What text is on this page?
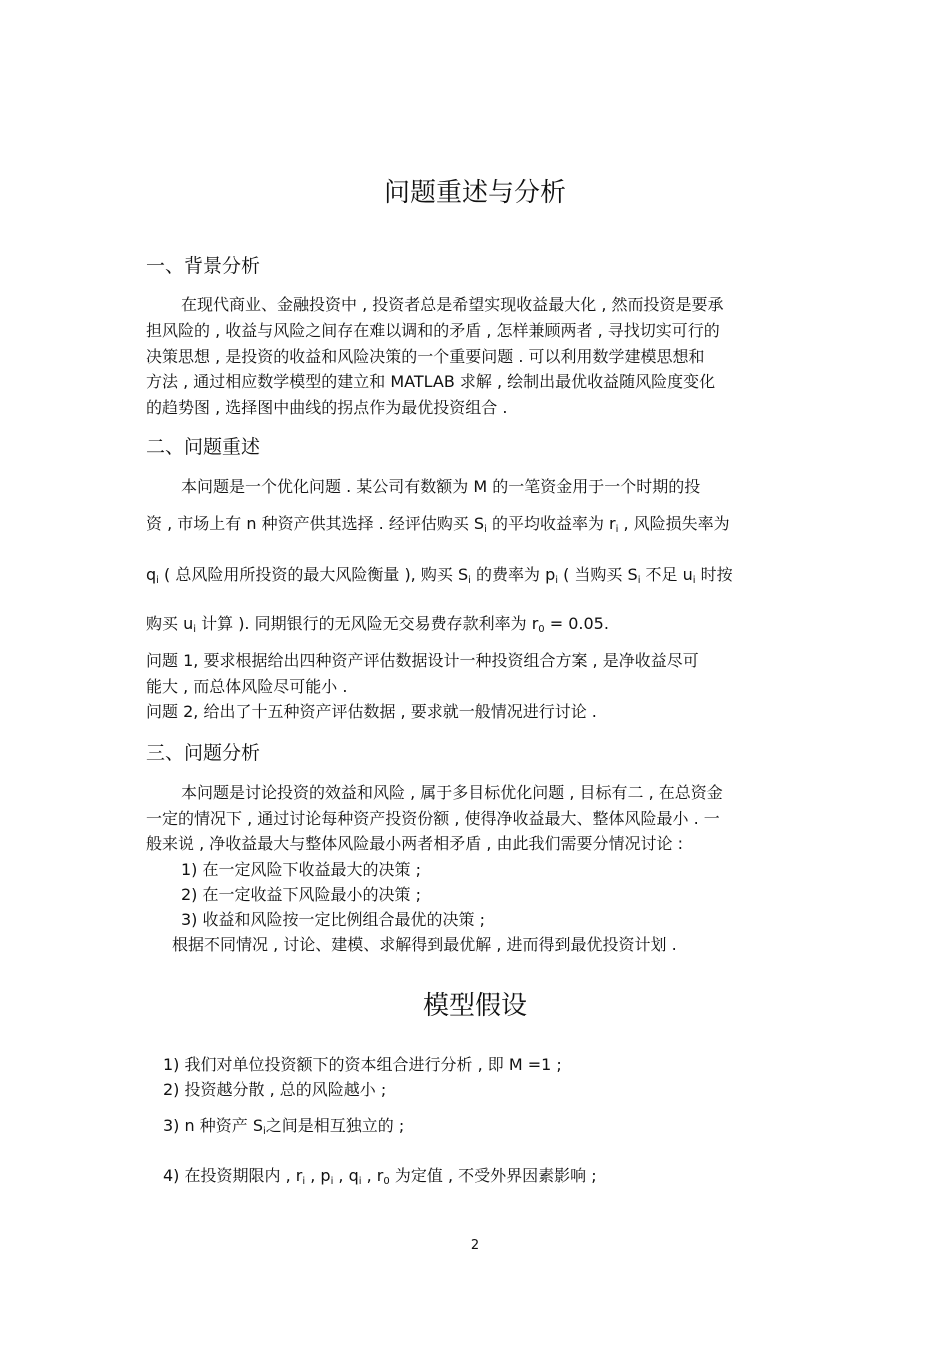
问题重述与分析
一、背景分析
在现代商业、金融投资中 , 投资者总是希望实现收益最大化 , 然而投资是要承
担风险的 , 收益与风险之间存在难以调和的矛盾 , 怎样兼顾两者 , 寻找切实可行的
决策思想 , 是投资的收益和风险决策的一个重要问题 . 可以利用数学建模思想和
方法 , 通过相应数学模型的建立和 MATLAB 求解 , 绘制出最优收益随风险度变化
的趋势图 , 选择图中曲线的拐点作为最优投资组合 .
二、问题重述
本问题是一个优化问题 . 某公司有数额为 M 的一笔资金用于一个时期的投
资 , 市场上有 n 种资产供其选择 . 经评估购买 $S_i$ 的平均收益率为 $r_i$ , 风险损失率为
$q_i$ ( 总风险用所投资的最大风险衡量 ), 购买 $S_i$ 的费率为 $p_i$ ( 当购买 $S_i$ 不足 $u_i$ 时按
购买 $u_i$ 计算 ). 同期银行的无风险无交易费存款利率为 $r_0 = 0.05$.
问题 1, 要求根据给出四种资产评估数据设计一种投资组合方案 , 是净收益尽可
能大 , 而总体风险尽可能小 .
问题 2, 给出了十五种资产评估数据 , 要求就一般情况进行讨论 .
三、问题分析
本问题是讨论投资的效益和风险 , 属于多目标优化问题 , 目标有二 , 在总资金
一定的情况下 , 通过讨论每种资产投资份额 , 使得净收益最大、整体风险最小 . 一
般来说 , 净收益最大与整体风险最小两者相矛盾 , 由此我们需要分情况讨论 :
1) 在一定风险下收益最大的决策 ;
2) 在一定收益下风险最小的决策 ;
3) 收益和风险按一定比例组合最优的决策 ;
根据不同情况 , 讨论、建模、求解得到最优解 , 进而得到最优投资计划 .
模型假设
1) 我们对单位投资额下的资本组合进行分析 , 即 M =1 ;
2) 投资越分散 , 总的风险越小 ;
3) n 种资产 $S_i$之间是相互独立的 ;
4) 在投资期限内 , $r_i$ , $p_i$ , $q_i$ , $r_0$ 为定值 , 不受外界因素影响 ;
2
